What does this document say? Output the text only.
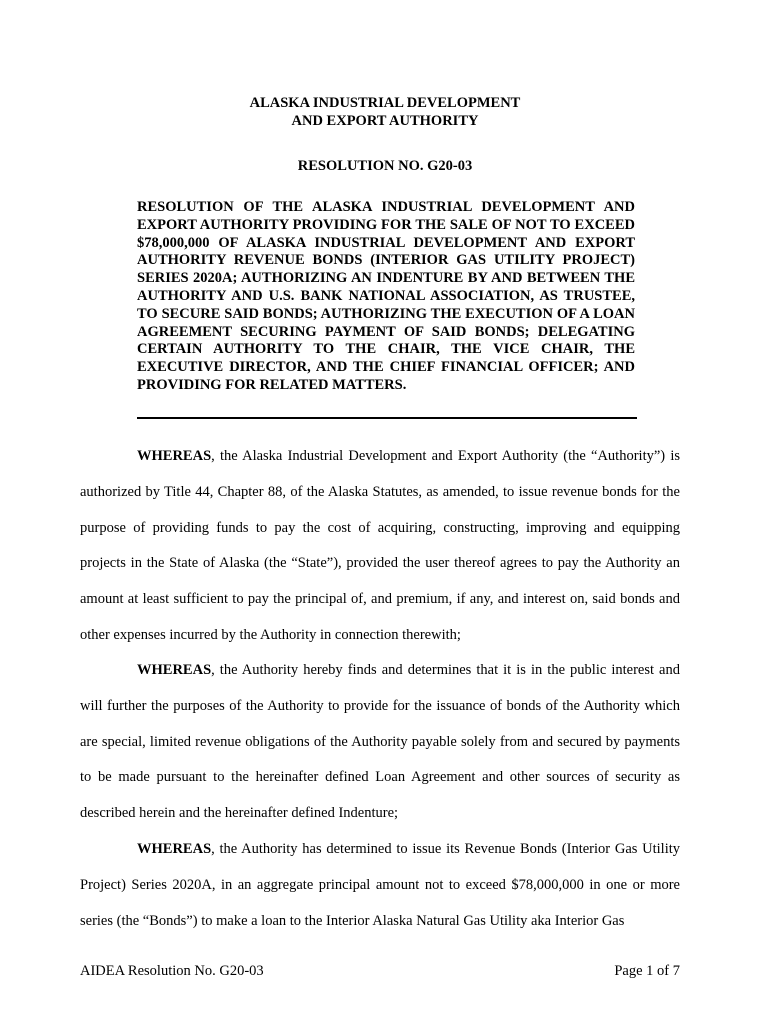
ALASKA INDUSTRIAL DEVELOPMENT
AND EXPORT AUTHORITY
RESOLUTION NO. G20-03
RESOLUTION OF THE ALASKA INDUSTRIAL DEVELOPMENT AND EXPORT AUTHORITY PROVIDING FOR THE SALE OF NOT TO EXCEED $78,000,000 OF ALASKA INDUSTRIAL DEVELOPMENT AND EXPORT AUTHORITY REVENUE BONDS (INTERIOR GAS UTILITY PROJECT) SERIES 2020A; AUTHORIZING AN INDENTURE BY AND BETWEEN THE AUTHORITY AND U.S. BANK NATIONAL ASSOCIATION, AS TRUSTEE, TO SECURE SAID BONDS; AUTHORIZING THE EXECUTION OF A LOAN AGREEMENT SECURING PAYMENT OF SAID BONDS; DELEGATING CERTAIN AUTHORITY TO THE CHAIR, THE VICE CHAIR, THE EXECUTIVE DIRECTOR, AND THE CHIEF FINANCIAL OFFICER; AND PROVIDING FOR RELATED MATTERS.
WHEREAS, the Alaska Industrial Development and Export Authority (the “Authority”) is authorized by Title 44, Chapter 88, of the Alaska Statutes, as amended, to issue revenue bonds for the purpose of providing funds to pay the cost of acquiring, constructing, improving and equipping projects in the State of Alaska (the “State”), provided the user thereof agrees to pay the Authority an amount at least sufficient to pay the principal of, and premium, if any, and interest on, said bonds and other expenses incurred by the Authority in connection therewith;
WHEREAS, the Authority hereby finds and determines that it is in the public interest and will further the purposes of the Authority to provide for the issuance of bonds of the Authority which are special, limited revenue obligations of the Authority payable solely from and secured by payments to be made pursuant to the hereinafter defined Loan Agreement and other sources of security as described herein and the hereinafter defined Indenture;
WHEREAS, the Authority has determined to issue its Revenue Bonds (Interior Gas Utility Project) Series 2020A, in an aggregate principal amount not to exceed $78,000,000 in one or more series (the “Bonds”) to make a loan to the Interior Alaska Natural Gas Utility aka Interior Gas
AIDEA Resolution No. G20-03	Page 1 of 7
